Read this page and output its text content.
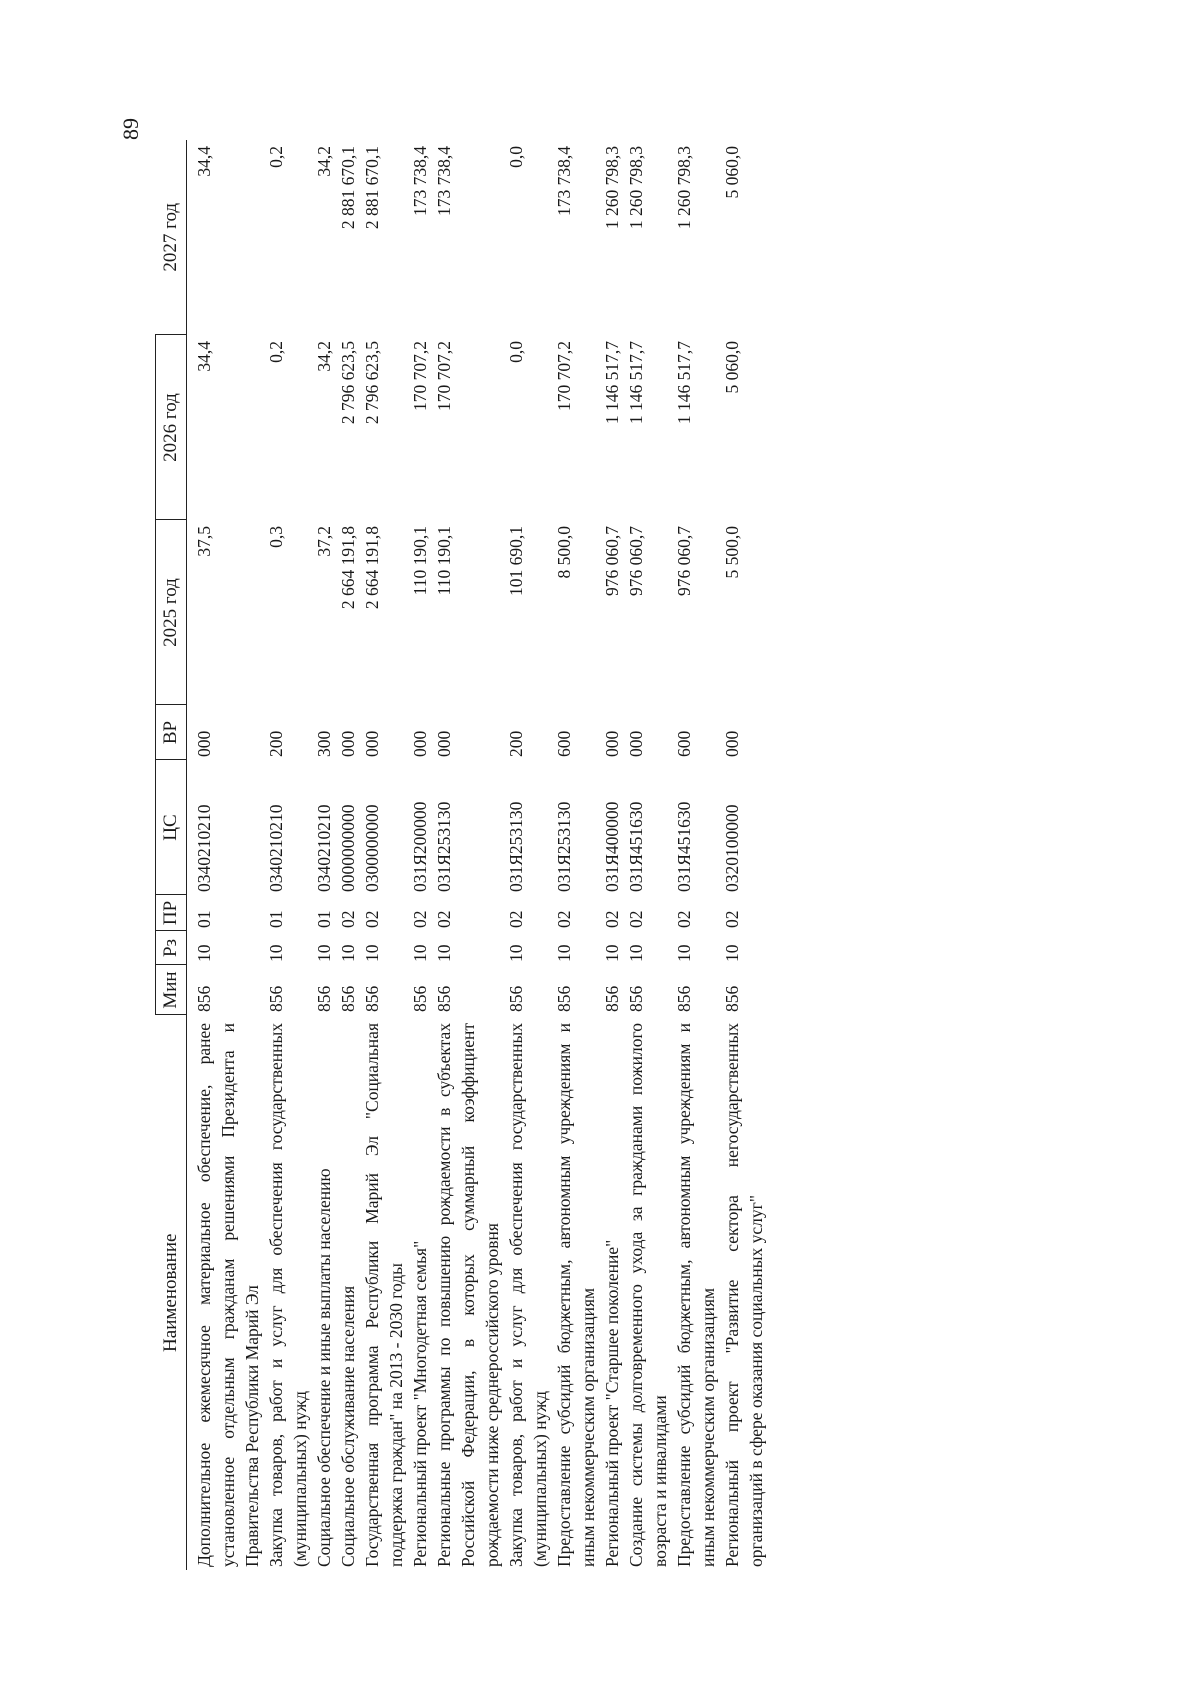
89
Наименование	Мин	Рз	ПР	ЦС	ВР	2025 год	2026 год	2027 год
Дополнительное ежемесячное материальное обеспечение, ранее установленное отдельным гражданам решениями Президента и Правительства Республики Марий Эл	856	10	01	0340210210	000	37,5	34,4	34,4
Закупка товаров, работ и услуг для обеспечения государственных (муниципальных) нужд	856	10	01	0340210210	200	0,3	0,2	0,2
Социальное обеспечение и иные выплаты населению	856	10	01	0340210210	300	37,2	34,2	34,2
Социальное обслуживание населения	856	10	02	0000000000	000	2 664 191,8	2 796 623,5	2 881 670,1
Государственная программа Республики Марий Эл "Социальная поддержка граждан" на 2013 - 2030 годы	856	10	02	0300000000	000	2 664 191,8	2 796 623,5	2 881 670,1
Региональный проект "Многодетная семья"	856	10	02	031Я200000	000	110 190,1	170 707,2	173 738,4
Региональные программы по повышению рождаемости в субъектах Российской Федерации, в которых суммарный коэффициент рождаемости ниже среднероссийского уровня	856	10	02	031Я253130	000	110 190,1	170 707,2	173 738,4
Закупка товаров, работ и услуг для обеспечения государственных (муниципальных) нужд	856	10	02	031Я253130	200	101 690,1	0,0	0,0
Предоставление субсидий бюджетным, автономным учреждениям и иным некоммерческим организациям	856	10	02	031Я253130	600	8 500,0	170 707,2	173 738,4
Региональный проект "Старшее поколение"	856	10	02	031Я400000	000	976 060,7	1 146 517,7	1 260 798,3
Создание системы долговременного ухода за гражданами пожилого возраста и инвалидами	856	10	02	031Я451630	000	976 060,7	1 146 517,7	1 260 798,3
Предоставление субсидий бюджетным, автономным учреждениям и иным некоммерческим организациям	856	10	02	031Я451630	600	976 060,7	1 146 517,7	1 260 798,3
Региональный проект "Развитие сектора негосударственных организаций в сфере оказания социальных услуг"	856	10	02	0320100000	000	5 500,0	5 060,0	5 060,0
